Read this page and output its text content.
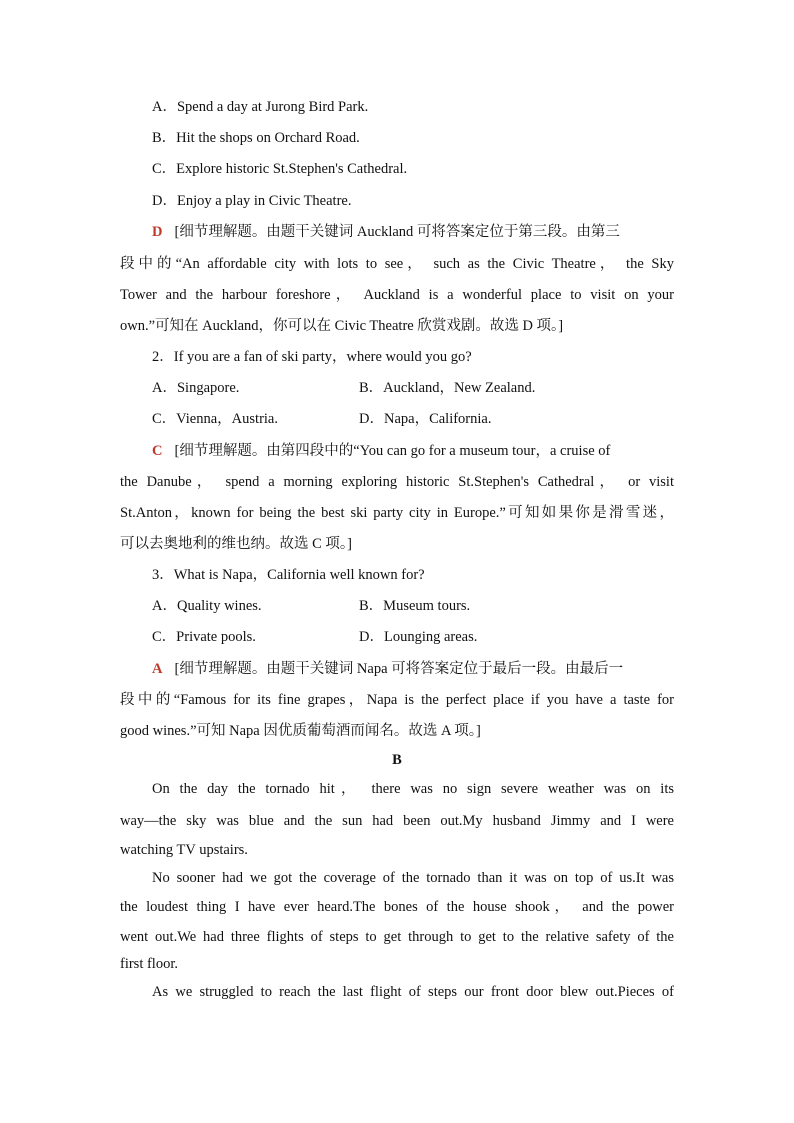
A．Spend a day at Jurong Bird Park.
B．Hit the shops on Orchard Road.
C．Explore historic St.Stephen's Cathedral.
D．Enjoy a play in Civic Theatre.
D [细节理解题。由题干关键词 Auckland 可将答案定位于第三段。由第三
段中的“An affordable city with lots to see， such as the Civic Theatre， the Sky
Tower and the harbour foreshore， Auckland is a wonderful place to visit on your
own.”可知在 Auckland，你可以在 Civic Theatre 欣赏戏剧。故选 D 项。]
2．If you are a fan of ski party，where would you go?
A．Singapore.	B．Auckland，New Zealand.
C．Vienna，Austria.	D．Napa，California.
C [细节理解题。由第四段中的“You can go for a museum tour，a cruise of
the Danube， spend a morning exploring historic St.Stephen's Cathedral， or visit
St.Anton，known for being the best ski party city in Europe.”可知如果你是滑雪迷，
可以去奥地利的维也纳。故选 C 项。]
3．What is Napa，California well known for?
A．Quality wines.	B．Museum tours.
C．Private pools.	D．Lounging areas.
A [细节理解题。由题干关键词 Napa 可将答案定位于最后一段。由最后一
段中的“Famous for its fine grapes，Napa is the perfect place if you have a taste for
good wines.”可知 Napa 因优质葡萄酒而闻名。故选 A 项。]
B
On the day the tornado hit， there was no sign severe weather was on its
way—the sky was blue and the sun had been out.My husband Jimmy and I were
watching TV upstairs.
No sooner had we got the coverage of the tornado than it was on top of us.It was
the loudest thing I have ever heard.The bones of the house shook， and the power
went out.We had three flights of steps to get through to get to the relative safety of the
first floor.
As we struggled to reach the last flight of steps our front door blew out.Pieces of
